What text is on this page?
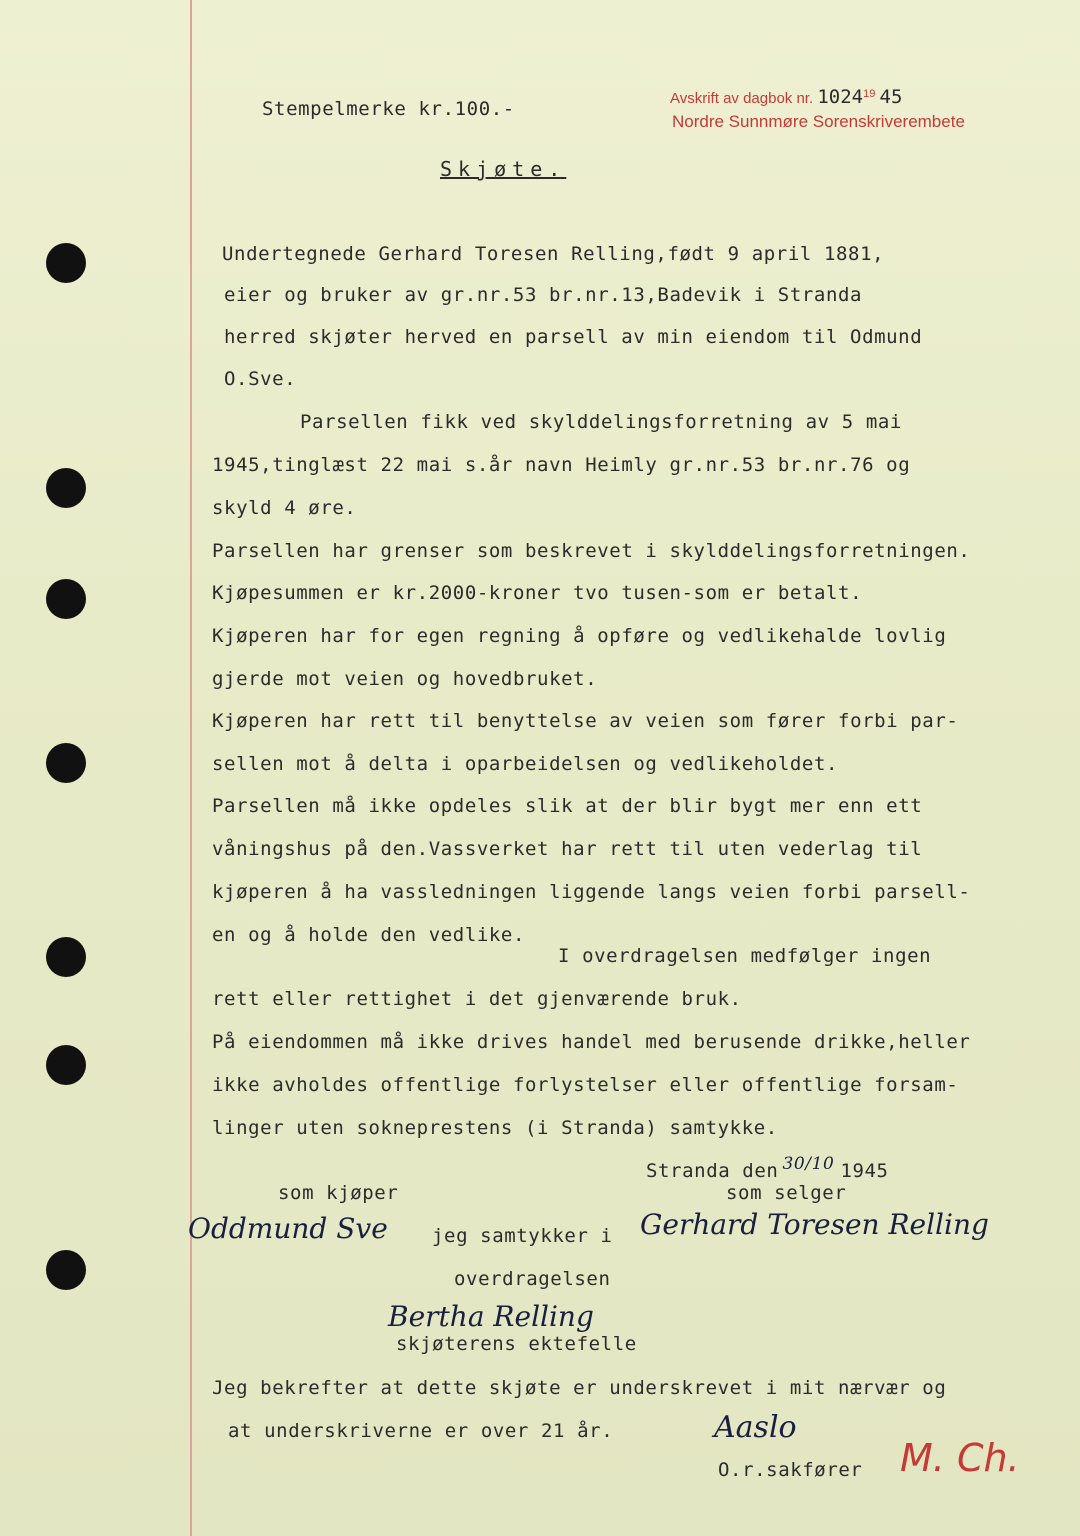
Stempelmerke kr.100.-	Avskrift av dagbok nr. 1024$^{19}$ 45
Nordre Sunnmøre Sorenskriverembete
Skjøte.
Undertegnede Gerhard Toresen Relling,født 9 april 1881,
eier og bruker av gr.nr.53 br.nr.13,Badevik i Stranda
herred skjøter herved en parsell av min eiendom til Odmund
O.Sve.
Parsellen fikk ved skylddelingsforretning av 5 mai
1945,tinglæst 22 mai s.år navn Heimly gr.nr.53 br.nr.76 og
skyld 4 øre.
Parsellen har grenser som beskrevet i skylddelingsforretningen.
Kjøpesummen er kr.2000-kroner tvo tusen-som er betalt.
Kjøperen har for egen regning å opføre og vedlikehalde lovlig
gjerde mot veien og hovedbruket.
Kjøperen har rett til benyttelse av veien som fører forbi par-
sellen mot å delta i oparbeidelsen og vedlikeholdet.
Parsellen må ikke opdeles slik at der blir bygt mer enn ett
våningshus på den.Vassverket har rett til uten vederlag til
kjøperen å ha vassledningen liggende langs veien forbi parsell-
en og å holde den vedlike.
I overdragelsen medfølger ingen
rett eller rettighet i det gjenværende bruk.
På eiendommen må ikke drives handel med berusende drikke,heller
ikke avholdes offentlige forlystelser eller offentlige forsam-
linger uten sokneprestens (i Stranda) samtykke.
Stranda den 30/10 1945
som kjøper	som selger
Oddmund Sve jeg samtykker i Gerhard Toresen Relling
overdragelsen
Bertha Relling
skjøterens ektefelle
Jeg bekrefter at dette skjøte er underskrevet i mit nærvær og
at underskriverne er over 21 år.	Aaslo
M. Ch.
O.r.sakfører
